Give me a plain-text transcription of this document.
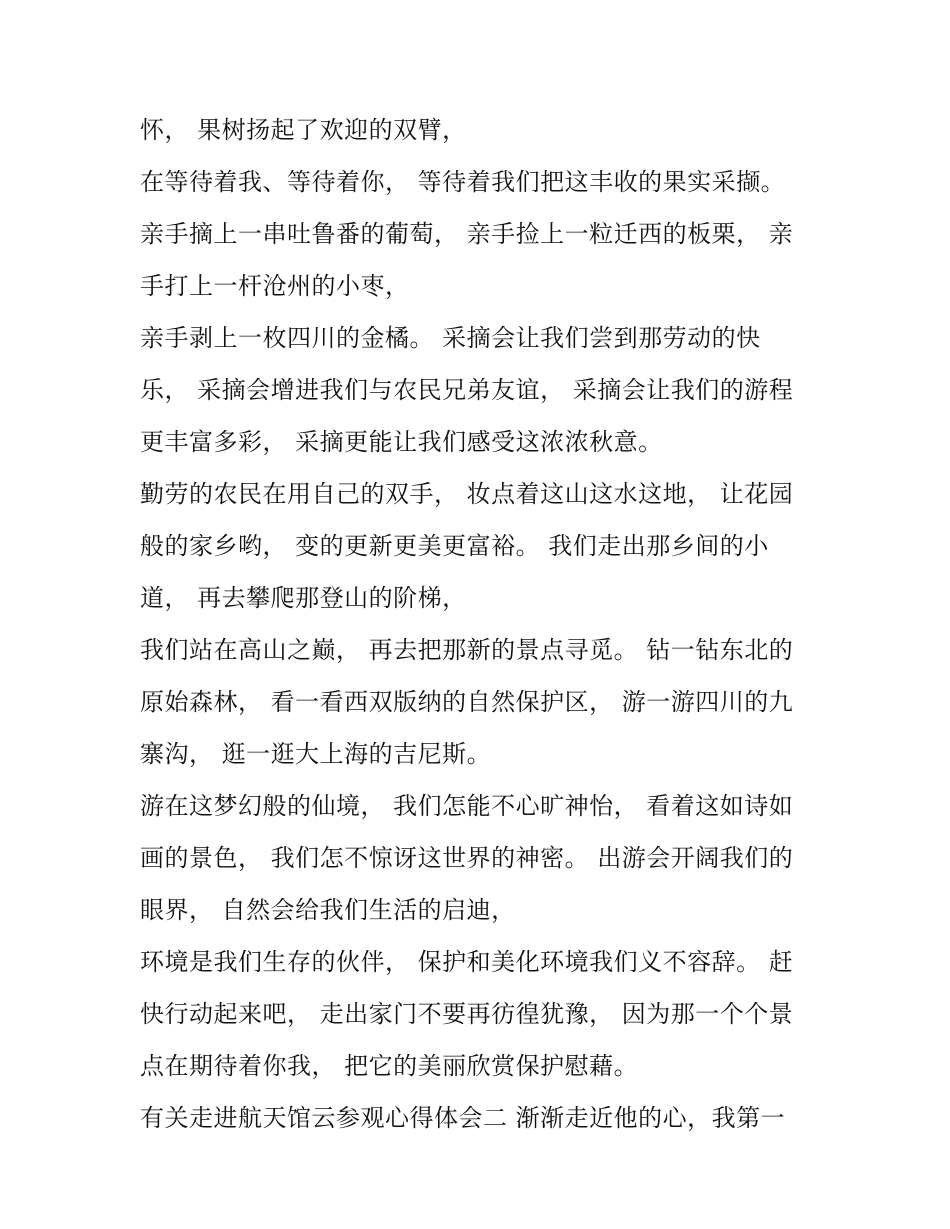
怀， 果树扬起了欢迎的双臂，
在等待着我、等待着你， 等待着我们把这丰收的果实采撷。
亲手摘上一串吐鲁番的葡萄， 亲手捡上一粒迁西的板栗， 亲
手打上一杆沧州的小枣，
亲手剥上一枚四川的金橘。 采摘会让我们尝到那劳动的快
乐， 采摘会增进我们与农民兄弟友谊， 采摘会让我们的游程
更丰富多彩， 采摘更能让我们感受这浓浓秋意。
勤劳的农民在用自己的双手， 妆点着这山这水这地， 让花园
般的家乡哟， 变的更新更美更富裕。 我们走出那乡间的小
道， 再去攀爬那登山的阶梯，
我们站在高山之巅， 再去把那新的景点寻觅。 钻一钻东北的
原始森林， 看一看西双版纳的自然保护区， 游一游四川的九
寨沟， 逛一逛大上海的吉尼斯。
游在这梦幻般的仙境， 我们怎能不心旷神怡， 看着这如诗如
画的景色， 我们怎不惊讶这世界的神密。 出游会开阔我们的
眼界， 自然会给我们生活的启迪，
环境是我们生存的伙伴， 保护和美化环境我们义不容辞。 赶
快行动起来吧， 走出家门不要再彷徨犹豫， 因为那一个个景
点在期待着你我， 把它的美丽欣赏保护慰藉。
有关走进航天馆云参观心得体会二 渐渐走近他的心，我第一
